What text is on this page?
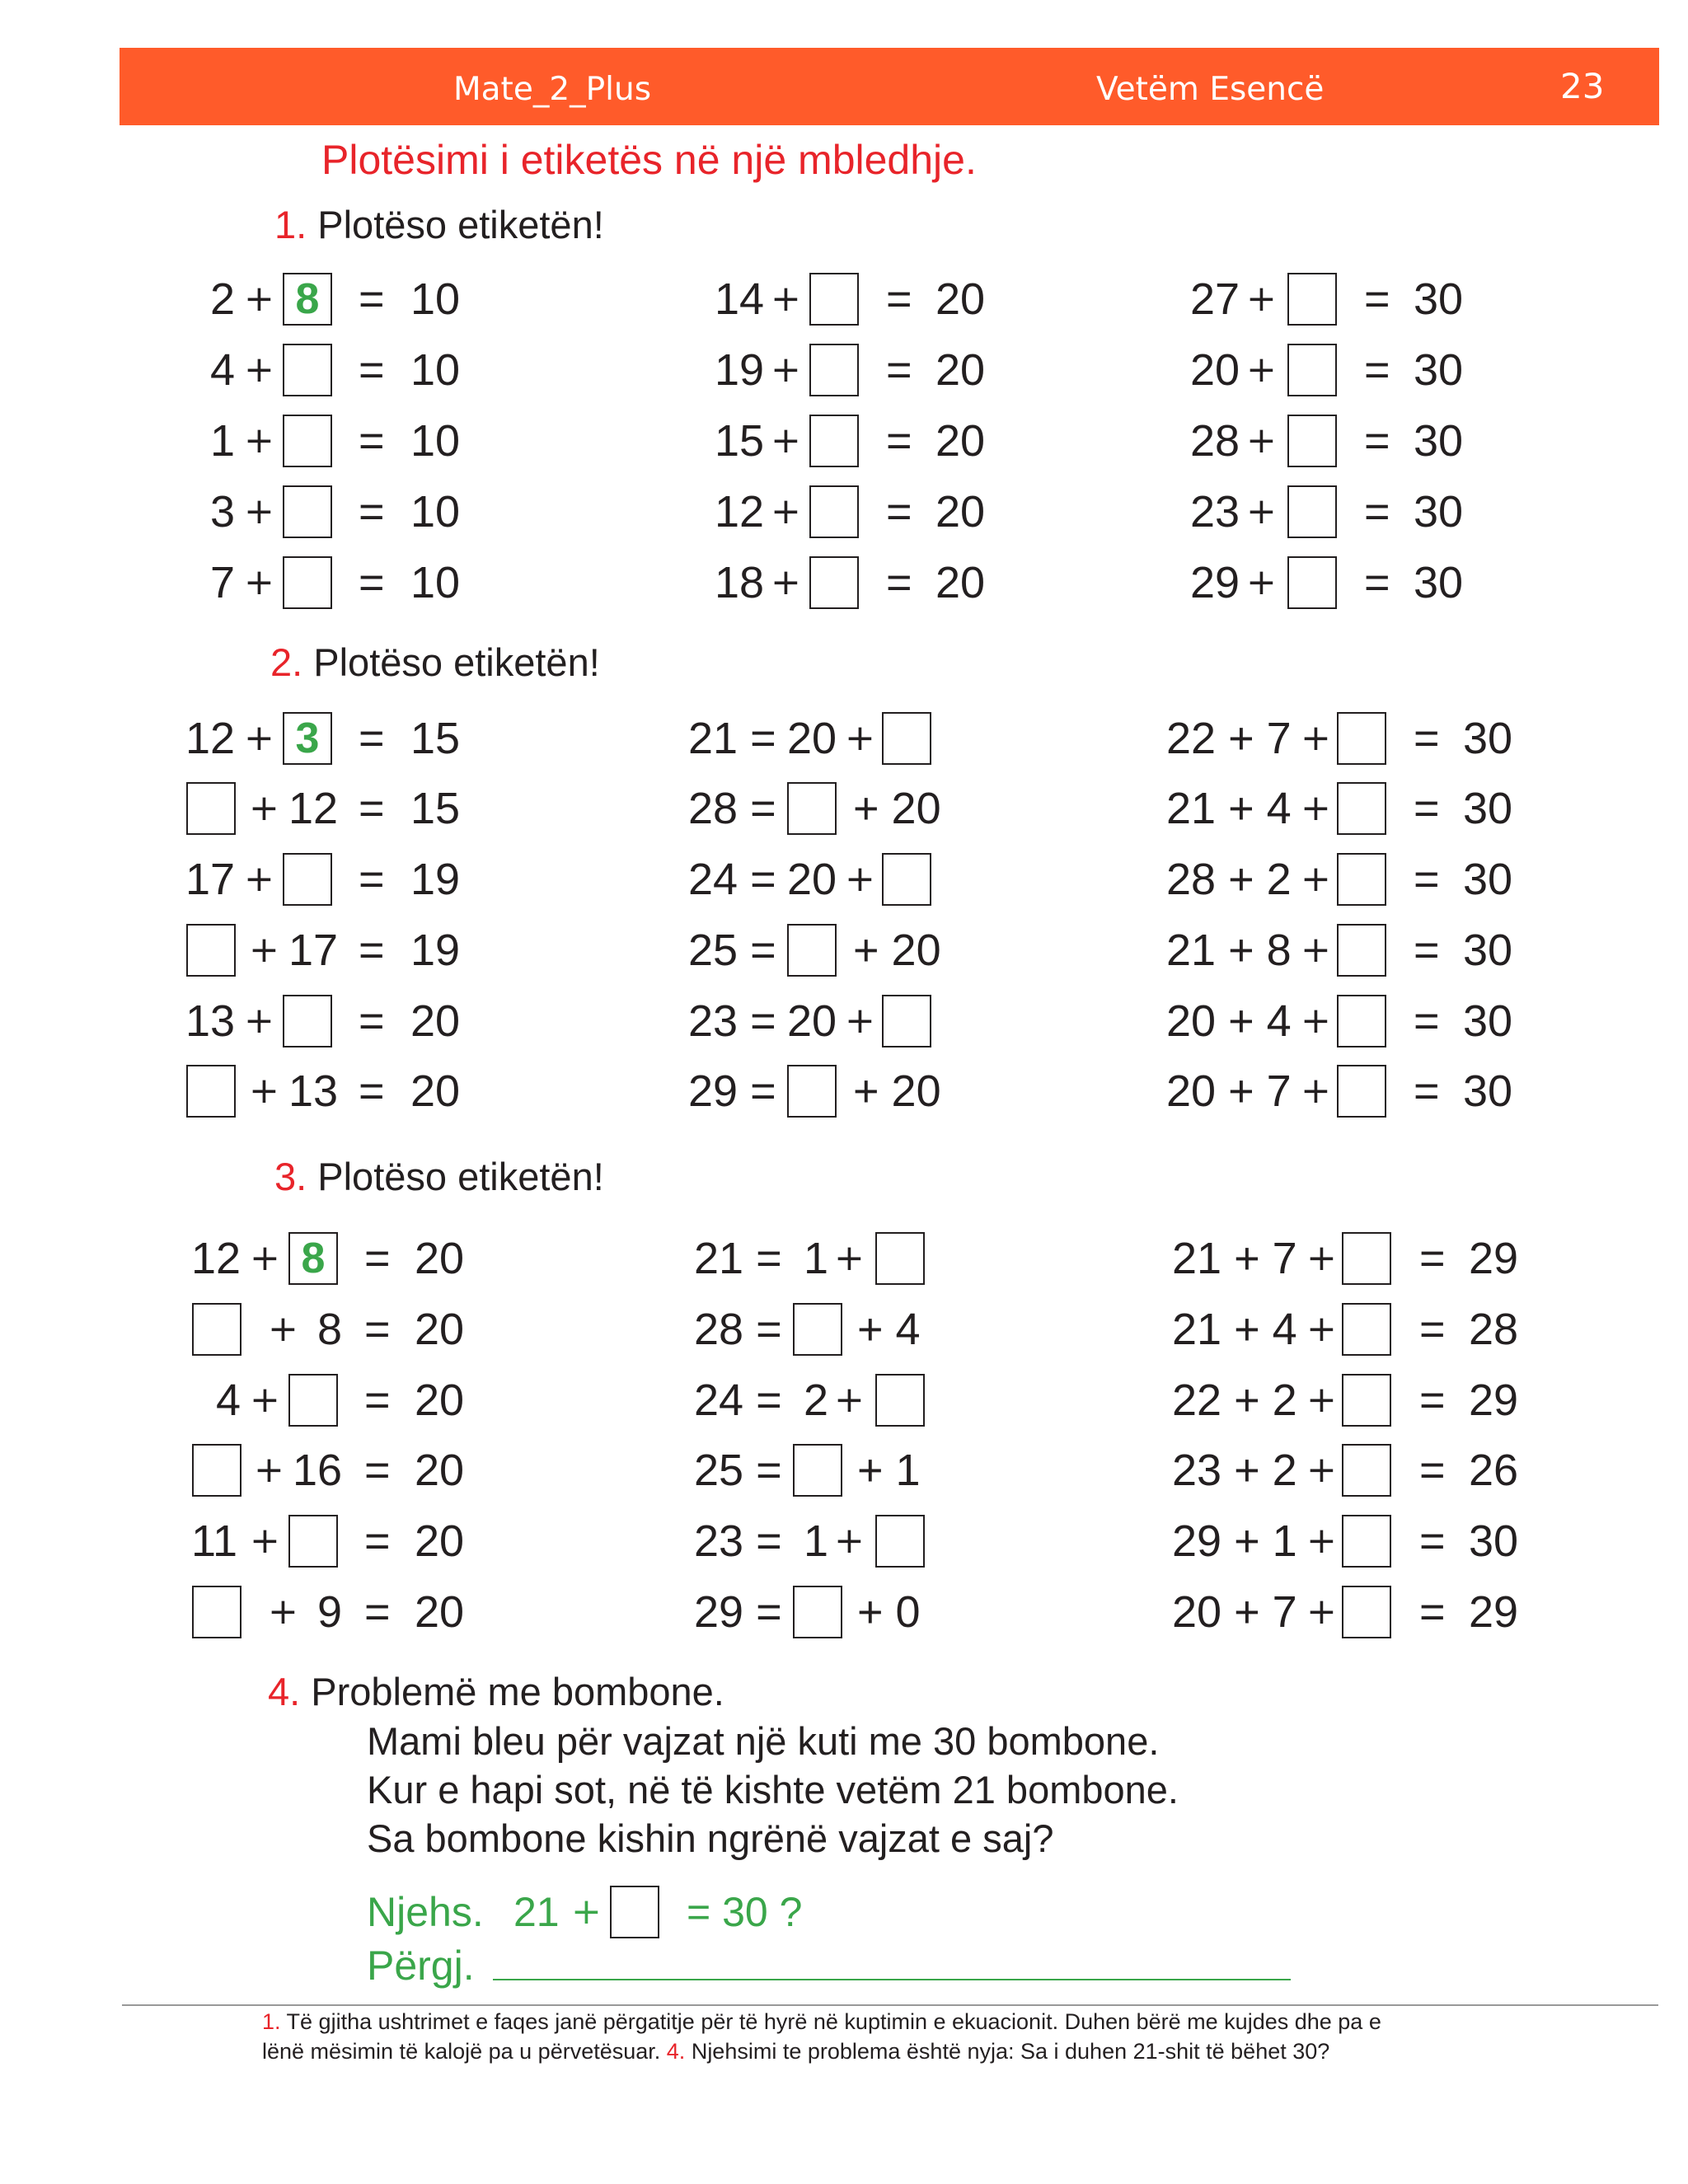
Mate_2_Plus	Vetëm Esencë	23
Plotësimi i etiketës në një mbledhje.
1. Plotëso etiketën!
2. Plotëso etiketën!
3. Plotëso etiketën!
2 + 8 = 10
4 + = 10
1 + = 10
3 + = 10
7 + = 10
14 + = 20
19 + = 20
15 + = 20
12 + = 20
18 + = 20
27 + = 30
20 + = 30
28 + = 30
23 + = 30
29 + = 30
12 + 3 = 15
+ 12 = 15
17 + = 19
+ 17 = 19
13 + = 20
+ 13 = 20
21 = 20 +
28 = + 20
24 = 20 +
25 = + 20
23 = 20 +
29 = + 20
22 + 7 + = 30
21 + 4 + = 30
28 + 2 + = 30
21 + 8 + = 30
20 + 4 + = 30
20 + 7 + = 30
12 + 8 = 20
+ 8 = 20
4 + = 20
+ 16 = 20
11 + = 20
+ 9 = 20
21 = 1 +
28 = + 4
24 = 2 +
25 = + 1
23 = 1 +
29 = + 0
21 + 7 + = 29
21 + 4 + = 28
22 + 2 + = 29
23 + 2 + = 26
29 + 1 + = 30
20 + 7 + = 29
4. Problemë me bombone.
Mami bleu për vajzat një kuti me 30 bombone.
Kur e hapi sot, në të kishte vetëm 21 bombone.
Sa bombone kishin ngrënë vajzat e saj?
Njehs. 21 + = 30 ?
Përgj.
1. Të gjitha ushtrimet e faqes janë përgatitje për të hyrë në kuptimin e ekuacionit. Duhen bërë me kujdes dhe pa e
lënë mësimin të kalojë pa u përvetësuar. 4. Njehsimi te problema është nyja: Sa i duhen 21-shit të bëhet 30?
